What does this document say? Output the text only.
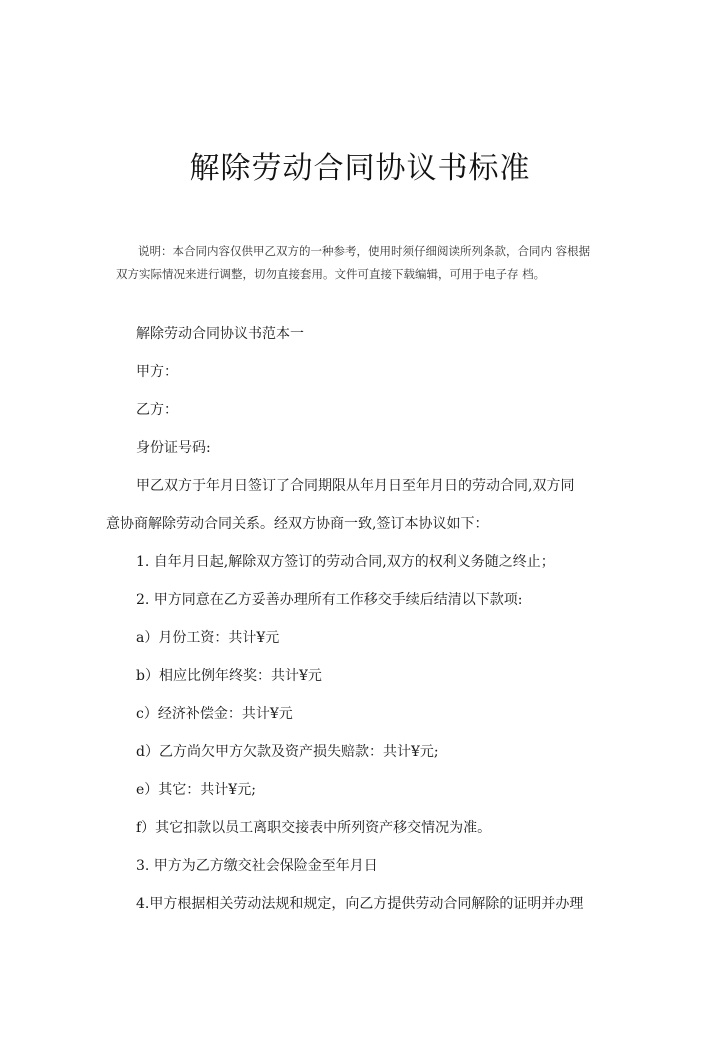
解除劳动合同协议书标准
说明：本合同内容仅供甲乙双方的一种参考，使用时须仔细阅读所列条款，合同内 容根据
双方实际情况来进行调整，切勿直接套用。文件可直接下载编辑，可用于电子存 档。
解除劳动合同协议书范本一
甲方：
乙方：
身份证号码:
甲乙双方于年月日签订了合同期限从年月日至年月日的劳动合同,双方同
意协商解除劳动合同关系。经双方协商一致,签订本协议如下：
1. 自年月日起,解除双方签订的劳动合同,双方的权利义务随之终止；
2. 甲方同意在乙方妥善办理所有工作移交手续后结清以下款项:
a）月份工资：共计¥元
b）相应比例年终奖：共计¥元
c）经济补偿金：共计¥元
d）乙方尚欠甲方欠款及资产损失赔款：共计¥元;
e）其它：共计¥元;
f）其它扣款以员工离职交接表中所列资产移交情况为准。
3. 甲方为乙方缴交社会保险金至年月日
4.甲方根据相关劳动法规和规定，向乙方提供劳动合同解除的证明并办理
